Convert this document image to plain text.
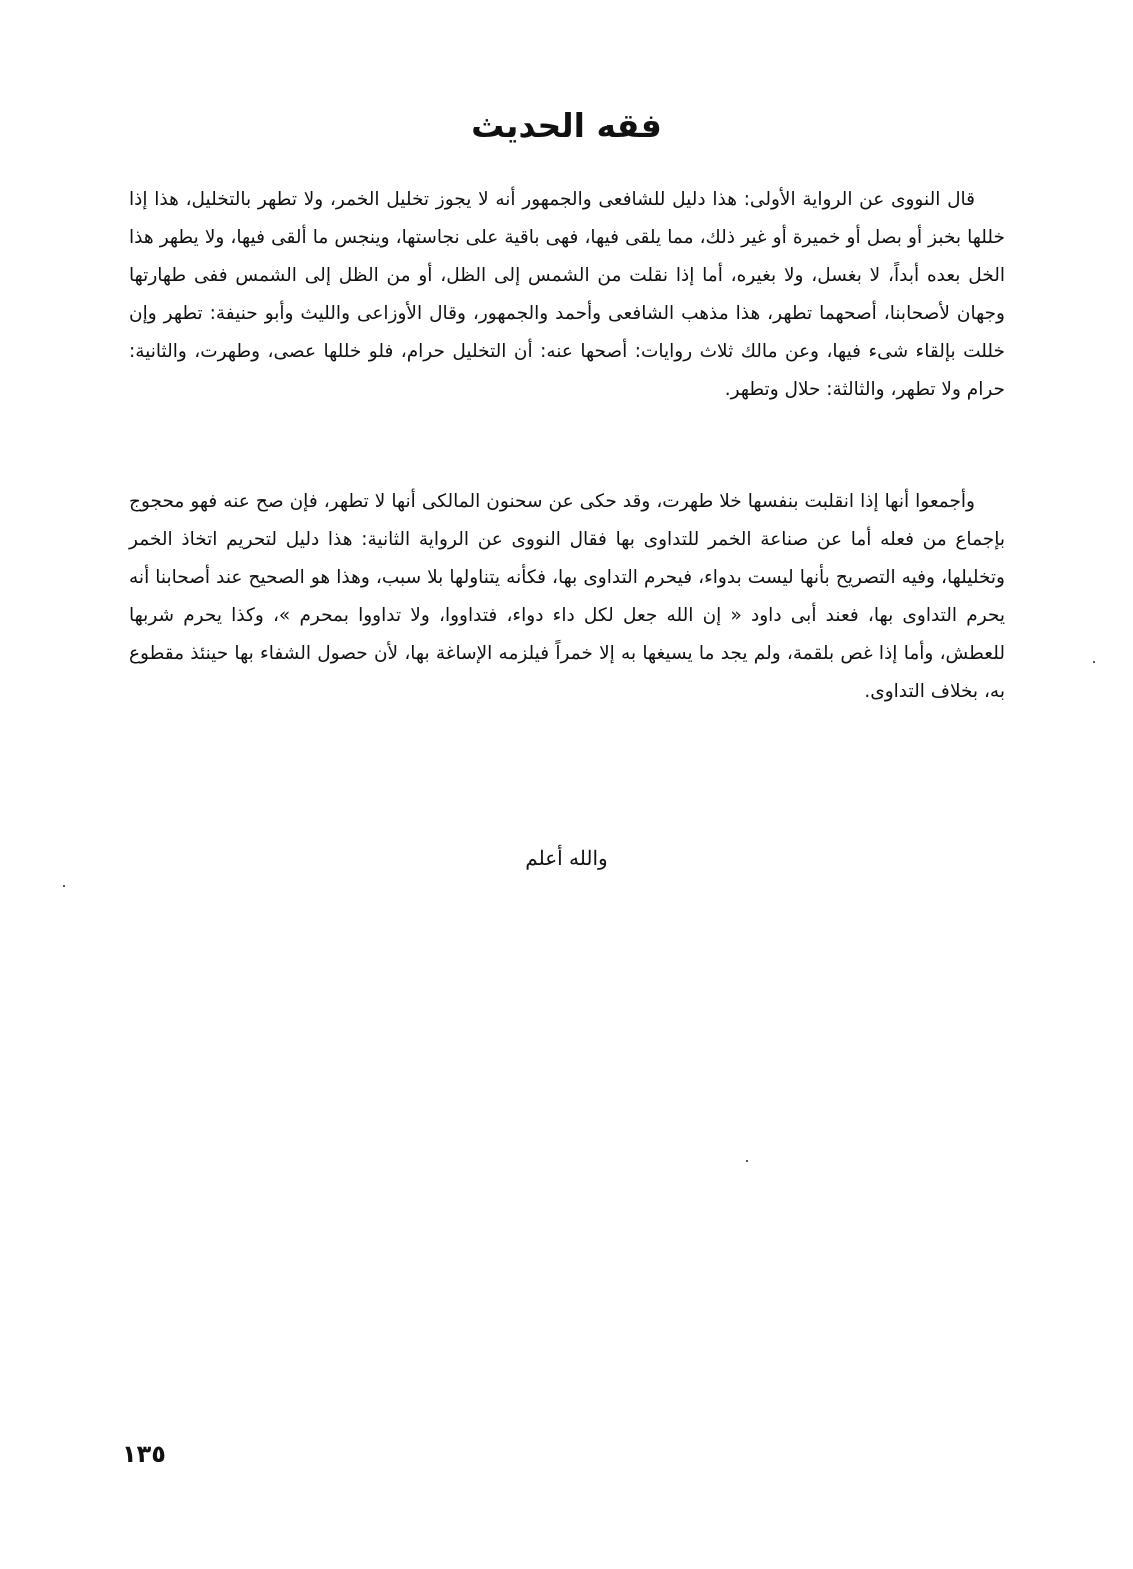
فقه الحديث

قال النووى عن الرواية الأولى: هذا دليل للشافعى والجمهور أنه لا يجوز تخليل الخمر، ولا تطهر بالتخليل، هذا إذا خللها بخبز أو بصل أو خميرة أو غير ذلك، مما يلقى فيها، فهى باقية على نجاستها، وينجس ما ألقى فيها، ولا يطهر هذا الخل بعده أبداً، لا بغسل، ولا بغيره، أما إذا نقلت من الشمس إلى الظل، أو من الظل إلى الشمس ففى طهارتها وجهان لأصحابنا، أصحهما تطهر، هذا مذهب الشافعى وأحمد والجمهور، وقال الأوزاعى والليث وأبو حنيفة: تطهر وإن خللت بإلقاء شىء فيها، وعن مالك ثلاث روايات: أصحها عنه: أن التخليل حرام، فلو خللها عصى، وطهرت، والثانية: حرام ولا تطهر، والثالثة: حلال وتطهر.

وأجمعوا أنها إذا انقلبت بنفسها خلا طهرت، وقد حكى عن سحنون المالكى أنها لا تطهر، فإن صح عنه فهو محجوج بإجماع من فعله أما عن صناعة الخمر للتداوى بها فقال النووى عن الرواية الثانية: هذا دليل لتحريم اتخاذ الخمر وتخليلها، وفيه التصريح بأنها ليست بدواء، فيحرم التداوى بها، فكأنه يتناولها بلا سبب، وهذا هو الصحيح عند أصحابنا أنه يحرم التداوى بها، فعند أبى داود « إن الله جعل لكل داء دواء، فتداووا، ولا تداووا بمحرم »، وكذا يحرم شربها للعطش، وأما إذا غص بلقمة، ولم يجد ما يسيغها به إلا خمراً فيلزمه الإساغة بها، لأن حصول الشفاء بها حينئذ مقطوع به، بخلاف التداوى.

والله أعلم

١٣٥
